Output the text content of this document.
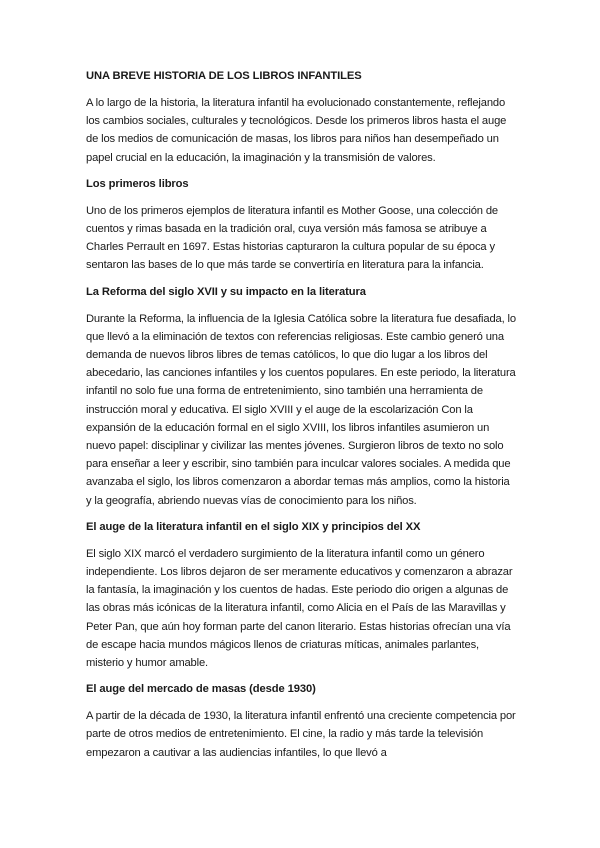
UNA BREVE HISTORIA DE LOS LIBROS INFANTILES

A lo largo de la historia, la literatura infantil ha evolucionado constantemente, reflejando los cambios sociales, culturales y tecnológicos. Desde los primeros libros hasta el auge de los medios de comunicación de masas, los libros para niños han desempeñado un papel crucial en la educación, la imaginación y la transmisión de valores.

Los primeros libros

Uno de los primeros ejemplos de literatura infantil es Mother Goose, una colección de cuentos y rimas basada en la tradición oral, cuya versión más famosa se atribuye a Charles Perrault en 1697. Estas historias capturaron la cultura popular de su época y sentaron las bases de lo que más tarde se convertiría en literatura para la infancia.

La Reforma del siglo XVII y su impacto en la literatura

Durante la Reforma, la influencia de la Iglesia Católica sobre la literatura fue desafiada, lo que llevó a la eliminación de textos con referencias religiosas. Este cambio generó una demanda de nuevos libros libres de temas católicos, lo que dio lugar a los libros del abecedario, las canciones infantiles y los cuentos populares. En este periodo, la literatura infantil no solo fue una forma de entretenimiento, sino también una herramienta de instrucción moral y educativa. El siglo XVIII y el auge de la escolarización Con la expansión de la educación formal en el siglo XVIII, los libros infantiles asumieron un nuevo papel: disciplinar y civilizar las mentes jóvenes. Surgieron libros de texto no solo para enseñar a leer y escribir, sino también para inculcar valores sociales. A medida que avanzaba el siglo, los libros comenzaron a abordar temas más amplios, como la historia y la geografía, abriendo nuevas vías de conocimiento para los niños.

El auge de la literatura infantil en el siglo XIX y principios del XX

El siglo XIX marcó el verdadero surgimiento de la literatura infantil como un género independiente. Los libros dejaron de ser meramente educativos y comenzaron a abrazar la fantasía, la imaginación y los cuentos de hadas. Este periodo dio origen a algunas de las obras más icónicas de la literatura infantil, como Alicia en el País de las Maravillas y Peter Pan, que aún hoy forman parte del canon literario. Estas historias ofrecían una vía de escape hacia mundos mágicos llenos de criaturas míticas, animales parlantes, misterio y humor amable.

El auge del mercado de masas (desde 1930)

A partir de la década de 1930, la literatura infantil enfrentó una creciente competencia por parte de otros medios de entretenimiento. El cine, la radio y más tarde la televisión empezaron a cautivar a las audiencias infantiles, lo que llevó a
